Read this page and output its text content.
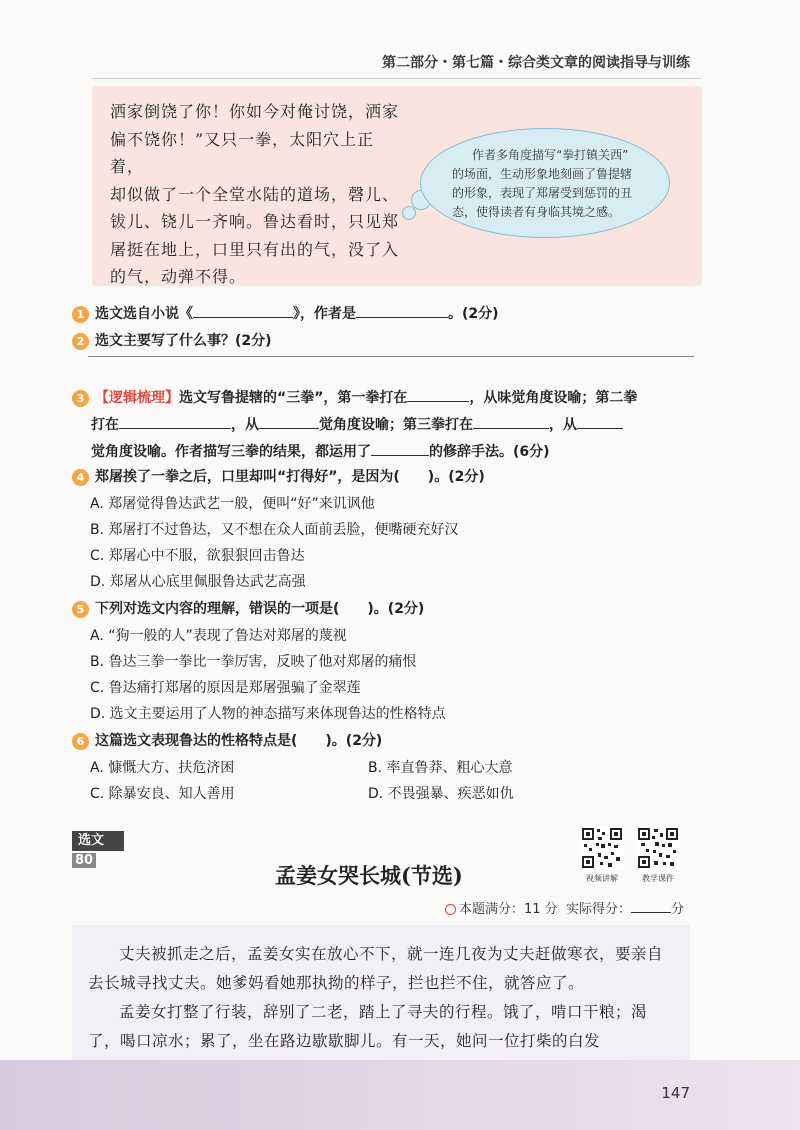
第二部分・第七篇・综合类文章的阅读指导与训练
洒家倒饶了你！你如今对俺讨饶，洒家
偏不饶你！”又只一拳，太阳穴上正着，
却似做了一个全堂水陆的道场，磬儿、
钹儿、铙儿一齐响。鲁达看时，只见郑
屠挺在地上，口里只有出的气，没了入
的气，动弹不得。
作者多角度描写“拳打镇关西”
的场面，生动形象地刻画了鲁提辖
的形象，表现了郑屠受到惩罚的丑
态，使得读者有身临其境之感。
1 选文选自小说《	》，作者是	。(2分)
2 选文主要写了什么事？(2分)
3 【逻辑梳理】选文写鲁提辖的“三拳”，第一拳打在	，从味觉角度设喻；第二拳
打在	，从	觉角度设喻；第三拳打在	，从
觉角度设喻。作者描写三拳的结果，都运用了	的修辞手法。(6分)
4 郑屠挨了一拳之后，口里却叫“打得好”，是因为(　　)。(2分)
A. 郑屠觉得鲁达武艺一般，便叫“好”来讥讽他
B. 郑屠打不过鲁达，又不想在众人面前丢脸，便嘴硬充好汉
C. 郑屠心中不服，欲狠狠回击鲁达
D. 郑屠从心底里佩服鲁达武艺高强
5 下列对选文内容的理解，错误的一项是(　　)。(2分)
A. “狗一般的人”表现了鲁达对郑屠的蔑视
B. 鲁达三拳一拳比一拳厉害，反映了他对郑屠的痛恨
C. 鲁达痛打郑屠的原因是郑屠强骗了金翠莲
D. 选文主要运用了人物的神态描写来体现鲁达的性格特点
6 这篇选文表现鲁达的性格特点是(　　)。(2分)
A. 慷慨大方、扶危济困	B. 率直鲁莽、粗心大意
C. 除暴安良、知人善用	D. 不畏强暴、疾恶如仇
选文80
孟姜女哭长城(节选)	视频讲解	教学课件
本题满分：11 分 实际得分：	分

丈夫被抓走之后，孟姜女实在放心不下，就一连几夜为丈夫赶做寒衣，要亲自去长城寻找丈夫。她爹妈看她那执拗的样子，拦也拦不住，就答应了。

孟姜女打整了行装，辞别了二老，踏上了寻夫的行程。饿了，啃口干粮；渴了，喝口凉水；累了，坐在路边歇歇脚儿。有一天，她问一位打柴的白发

147
